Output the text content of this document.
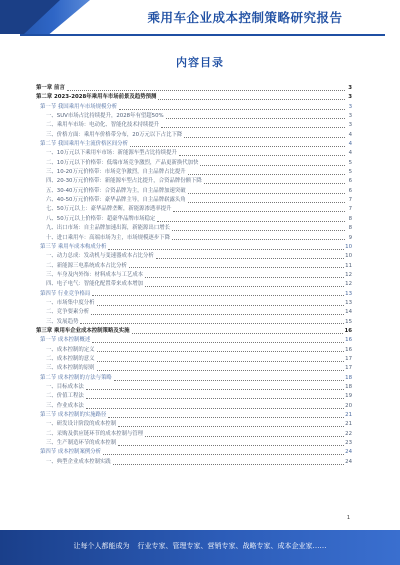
乘用车企业成本控制策略研究报告
内容目录
第一章 前言	3
第二章 2023-2028年乘用车市场前景及趋势预测	3
第一节 我国乘用车市场规模分析	3
一、SUV市场占比持续提升，2028年有望超50%	3
二、乘用车市场：电动化、智能化技术持续提升	3
三、价格方面：乘用车价格带分布，20万元以下占比下降	4
第二节 我国乘用车主流价格区间分析	4
一、10万元以下乘用车市场：新能源车型占比持续提升	4
二、10万元以下价格带：低端市场竞争激烈，产品更新换代加快	5
三、10-20万元价格带：市场竞争激烈，自主品牌占比提升	5
四、20-30万元价格带：新能源车型占比提升，合资品牌份额下降	6
五、30-40万元价格带：合资品牌为主，自主品牌加速突破	6
六、40-50万元价格带：豪华品牌主导，自主品牌崭露头角	7
七、50万元以上：豪华品牌垄断，新能源渗透率提升	7
八、50万元以上价格带：超豪华品牌市场稳定	8
九、出口市场：自主品牌加速出海，新能源出口增长	8
十、进口乘用车：高端市场为主，市场规模逐步下降	9
第三节 乘用车成本构成分析	10
一、动力总成：发动机与变速器成本占比分析	10
二、新能源三电系统成本占比分析	11
三、车身及内外饰：材料成本与工艺成本	12
四、电子电气：智能化配置带来成本增加	12
第四节 行业竞争格局	13
一、市场集中度分析	13
二、竞争要素分析	14
三、发展趋势	15
第三章 乘用车企业成本控制策略及实施	16
第一节 成本控制概述	16
一、成本控制的定义	16
二、成本控制的意义	17
三、成本控制的原则	17
第二节 成本控制的方法与策略	18
一、目标成本法	18
二、价值工程法	19
三、作业成本法	20
第三节 成本控制的实施路径	21
一、研发设计阶段的成本控制	21
二、采购及供应链环节的成本控制与管理	22
三、生产制造环节的成本控制	23
第四节 成本控制案例分析	24
一、典型企业成本控制实践	24
1
让每个人都能成为 行业专家、管理专家、营销专家、战略专家、成本企业家……
